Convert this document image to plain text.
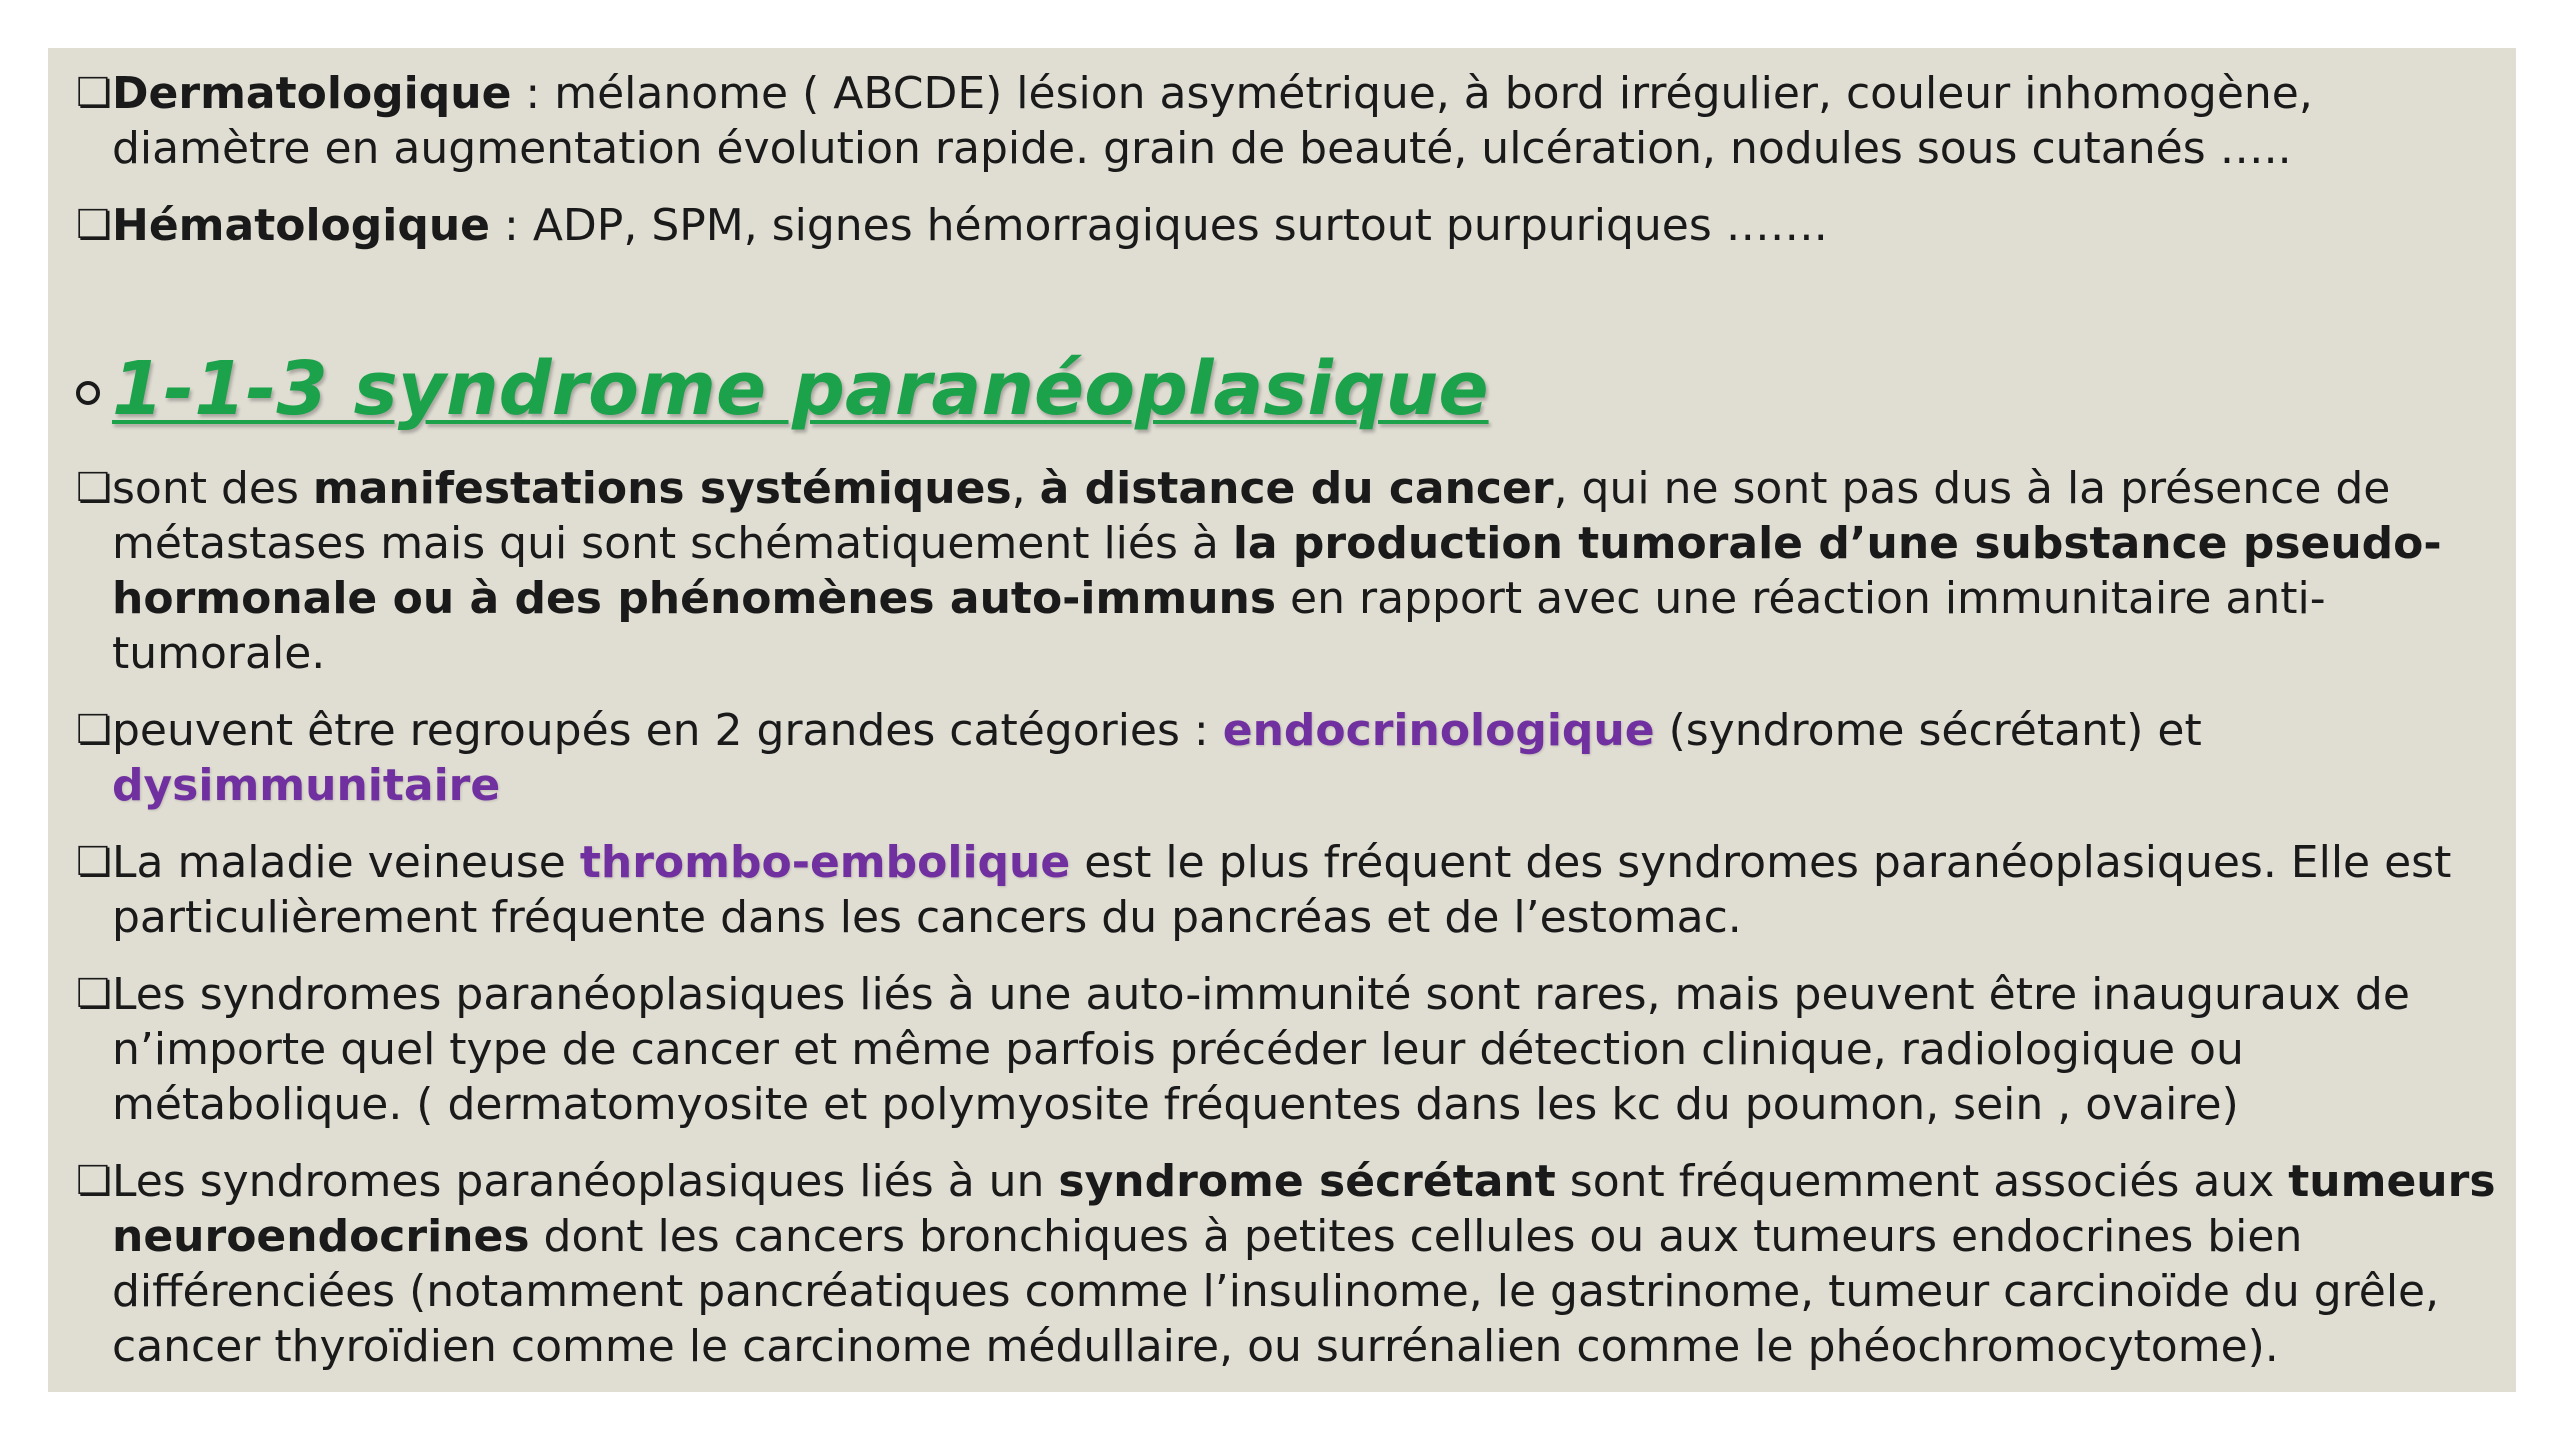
❏ Dermatologique : mélanome ( ABCDE) lésion asymétrique, à bord irrégulier, couleur inhomogène, diamètre en augmentation évolution rapide. grain de beauté, ulcération, nodules sous cutanés …..
❏ Hématologique : ADP, SPM, signes hémorragiques surtout purpuriques …….
1-1-3 syndrome paranéoplasique
❏ sont des manifestations systémiques, à distance du cancer, qui ne sont pas dus à la présence de métastases mais qui sont schématiquement liés à la production tumorale d’une substance pseudo-hormonale ou à des phénomènes auto-immuns en rapport avec une réaction immunitaire anti-tumorale.
❏ peuvent être regroupés en 2 grandes catégories : endocrinologique (syndrome sécrétant) et dysimmunitaire
❏ La maladie veineuse thrombo-embolique est le plus fréquent des syndromes paranéoplasiques. Elle est particulièrement fréquente dans les cancers du pancréas et de l’estomac.
❏ Les syndromes paranéoplasiques liés à une auto-immunité sont rares, mais peuvent être inauguraux de n’importe quel type de cancer et même parfois précéder leur détection clinique, radiologique ou métabolique. ( dermatomyosite et polymyosite fréquentes dans les kc du poumon, sein , ovaire)
❏ Les syndromes paranéoplasiques liés à un syndrome sécrétant sont fréquemment associés aux tumeurs neuroendocrines dont les cancers bronchiques à petites cellules ou aux tumeurs endocrines bien différenciées (notamment pancréatiques comme l’insulinome, le gastrinome, tumeur carcinoïde du grêle, cancer thyroïdien comme le carcinome médullaire, ou surrénalien comme le phéochromocytome).
